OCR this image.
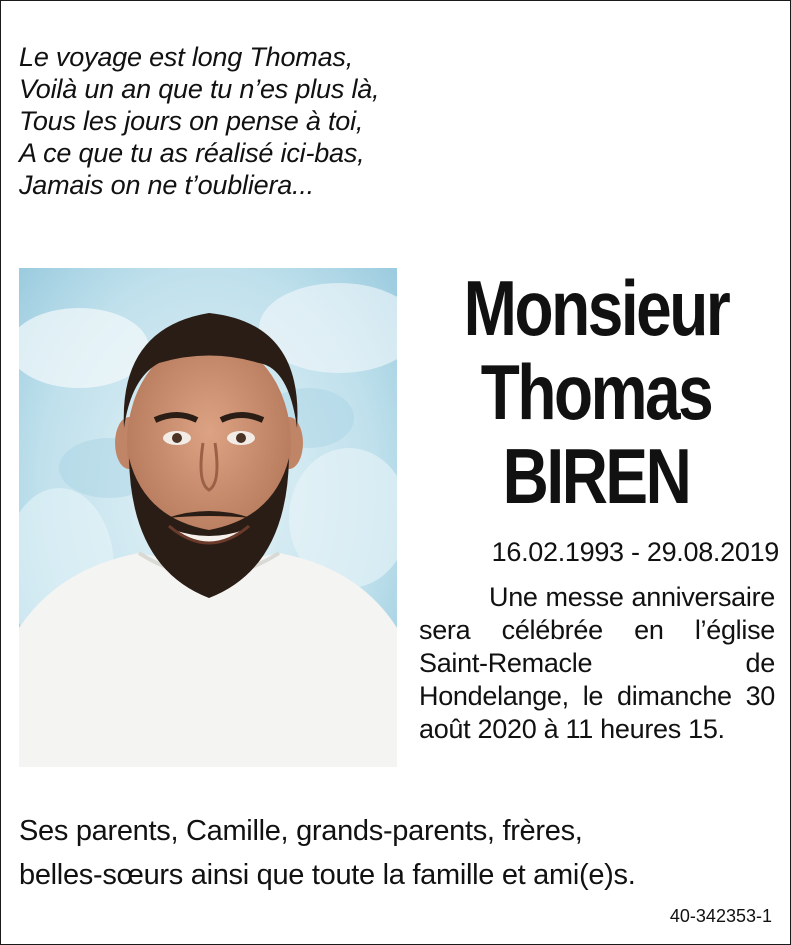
Le voyage est long Thomas,
Voilà un an que tu n’es plus là,
Tous les jours on pense à toi,
A ce que tu as réalisé ici-bas,
Jamais on ne t’oubliera...
Monsieur
Thomas
BIREN
16.02.1993 - 29.08.2019
Une messe anniversaire sera célébrée en l’église Saint-Remacle de Hondelange, le dimanche 30 août 2020 à 11 heures 15.
Ses parents, Camille, grands-parents, frères,
belles-sœurs ainsi que toute la famille et ami(e)s.
40-342353-1
